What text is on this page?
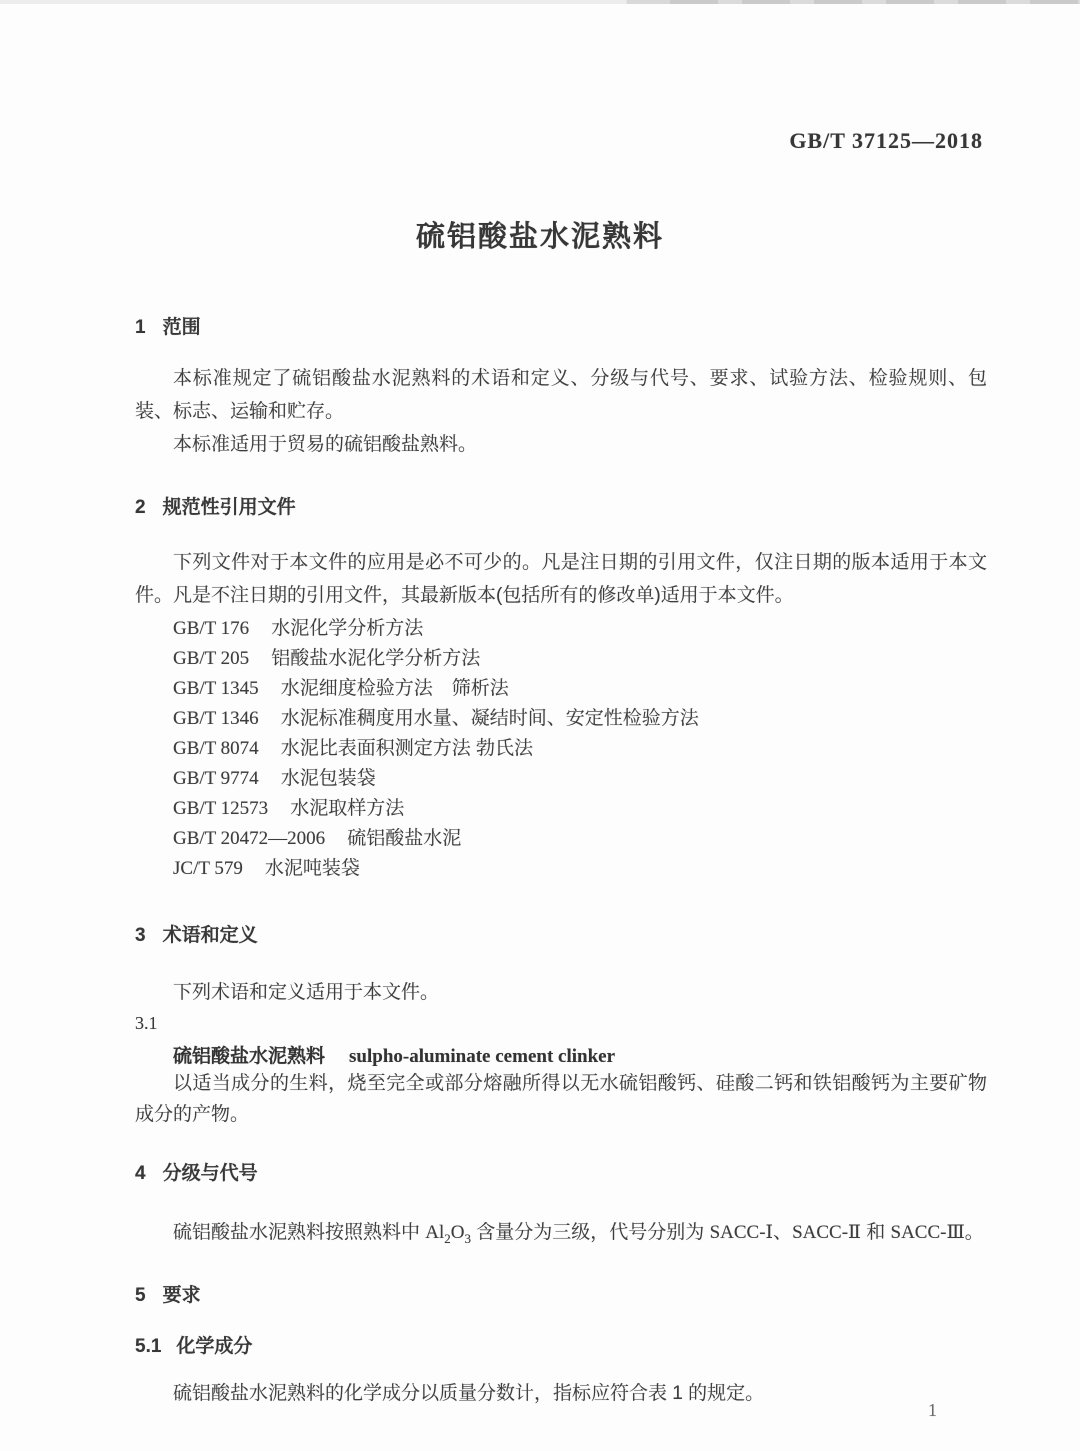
GB/T 37125—2018
硫铝酸盐水泥熟料
1 范围

本标准规定了硫铝酸盐水泥熟料的术语和定义、分级与代号、要求、试验方法、检验规则、包装、标志、运输和贮存。

本标准适用于贸易的硫铝酸盐熟料。

2 规范性引用文件

下列文件对于本文件的应用是必不可少的。凡是注日期的引用文件，仅注日期的版本适用于本文件。凡是不注日期的引用文件，其最新版本(包括所有的修改单)适用于本文件。

GB/T 176 水泥化学分析方法
GB/T 205 铝酸盐水泥化学分析方法
GB/T 1345 水泥细度检验方法　筛析法
GB/T 1346 水泥标准稠度用水量、凝结时间、安定性检验方法
GB/T 8074 水泥比表面积测定方法 勃氏法
GB/T 9774 水泥包装袋
GB/T 12573 水泥取样方法
GB/T 20472—2006 硫铝酸盐水泥
JC/T 579 水泥吨装袋
3 术语和定义

下列术语和定义适用于本文件。

3.1
硫铝酸盐水泥熟料 sulpho-aluminate cement clinker

以适当成分的生料，烧至完全或部分熔融所得以无水硫铝酸钙、硅酸二钙和铁铝酸钙为主要矿物成分的产物。

4 分级与代号

硫铝酸盐水泥熟料按照熟料中 $Al_2O_3$ 含量分为三级，代号分别为 SACC-Ⅰ、SACC-Ⅱ 和 SACC-Ⅲ。

5 要求
5.1 化学成分

硫铝酸盐水泥熟料的化学成分以质量分数计，指标应符合表 1 的规定。

1
